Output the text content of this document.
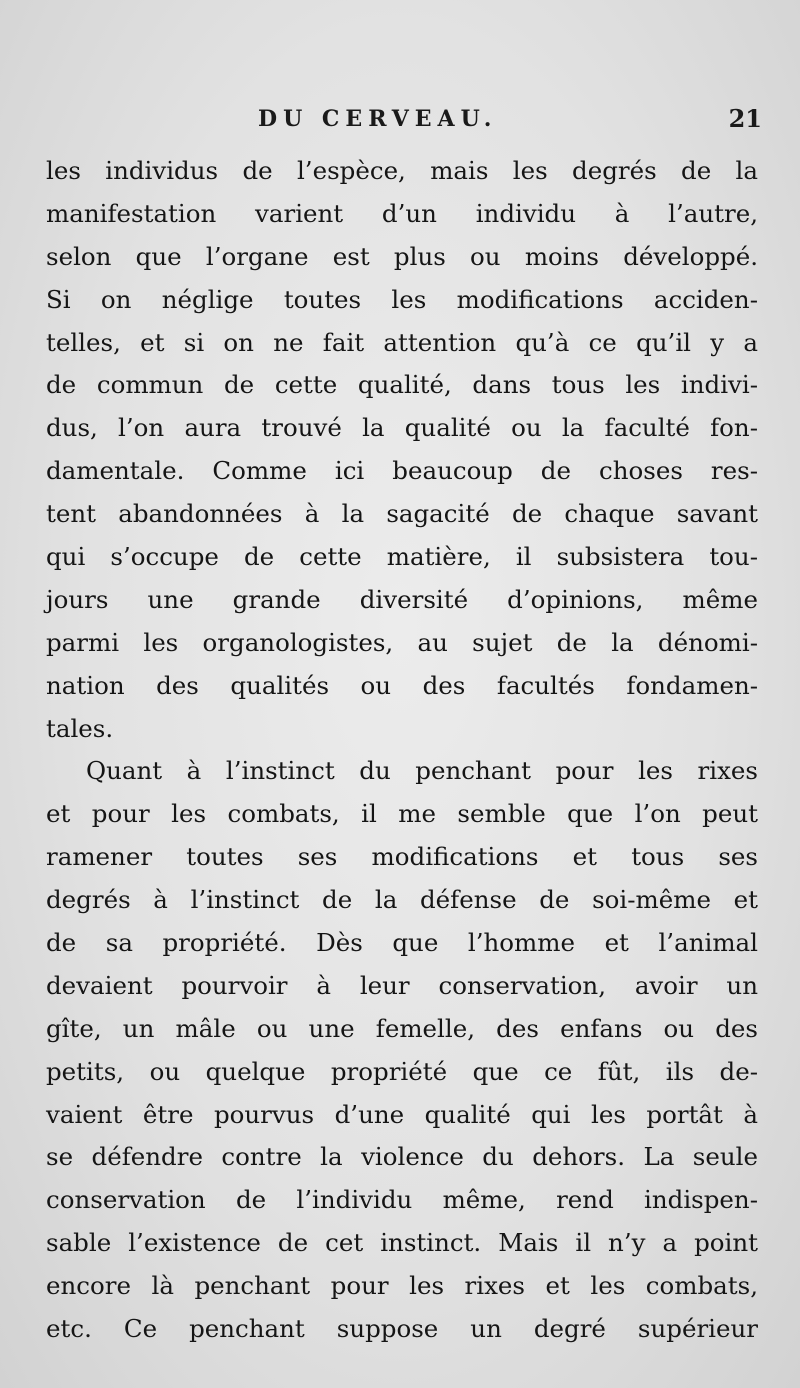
DU CERVEAU.	21
les individus de l’espèce, mais les degrés de la
manifestation varient d’un individu à l’autre,
selon que l’organe est plus ou moins développé.
Si on néglige toutes les modifications acciden-
telles, et si on ne fait attention qu’à ce qu’il y a
de commun de cette qualité, dans tous les indivi-
dus, l’on aura trouvé la qualité ou la faculté fon-
damentale. Comme ici beaucoup de choses res-
tent abandonnées à la sagacité de chaque savant
qui s’occupe de cette matière, il subsistera tou-
jours une grande diversité d’opinions, même
parmi les organologistes, au sujet de la dénomi-
nation des qualités ou des facultés fondamen-
tales.
Quant à l’instinct du penchant pour les rixes
et pour les combats, il me semble que l’on peut
ramener toutes ses modifications et tous ses
degrés à l’instinct de la défense de soi-même et
de sa propriété. Dès que l’homme et l’animal
devaient pourvoir à leur conservation, avoir un
gîte, un mâle ou une femelle, des enfans ou des
petits, ou quelque propriété que ce fût, ils de-
vaient être pourvus d’une qualité qui les portât à
se défendre contre la violence du dehors. La seule
conservation de l’individu même, rend indispen-
sable l’existence de cet instinct. Mais il n’y a point
encore là penchant pour les rixes et les combats,
etc. Ce penchant suppose un degré supérieur
